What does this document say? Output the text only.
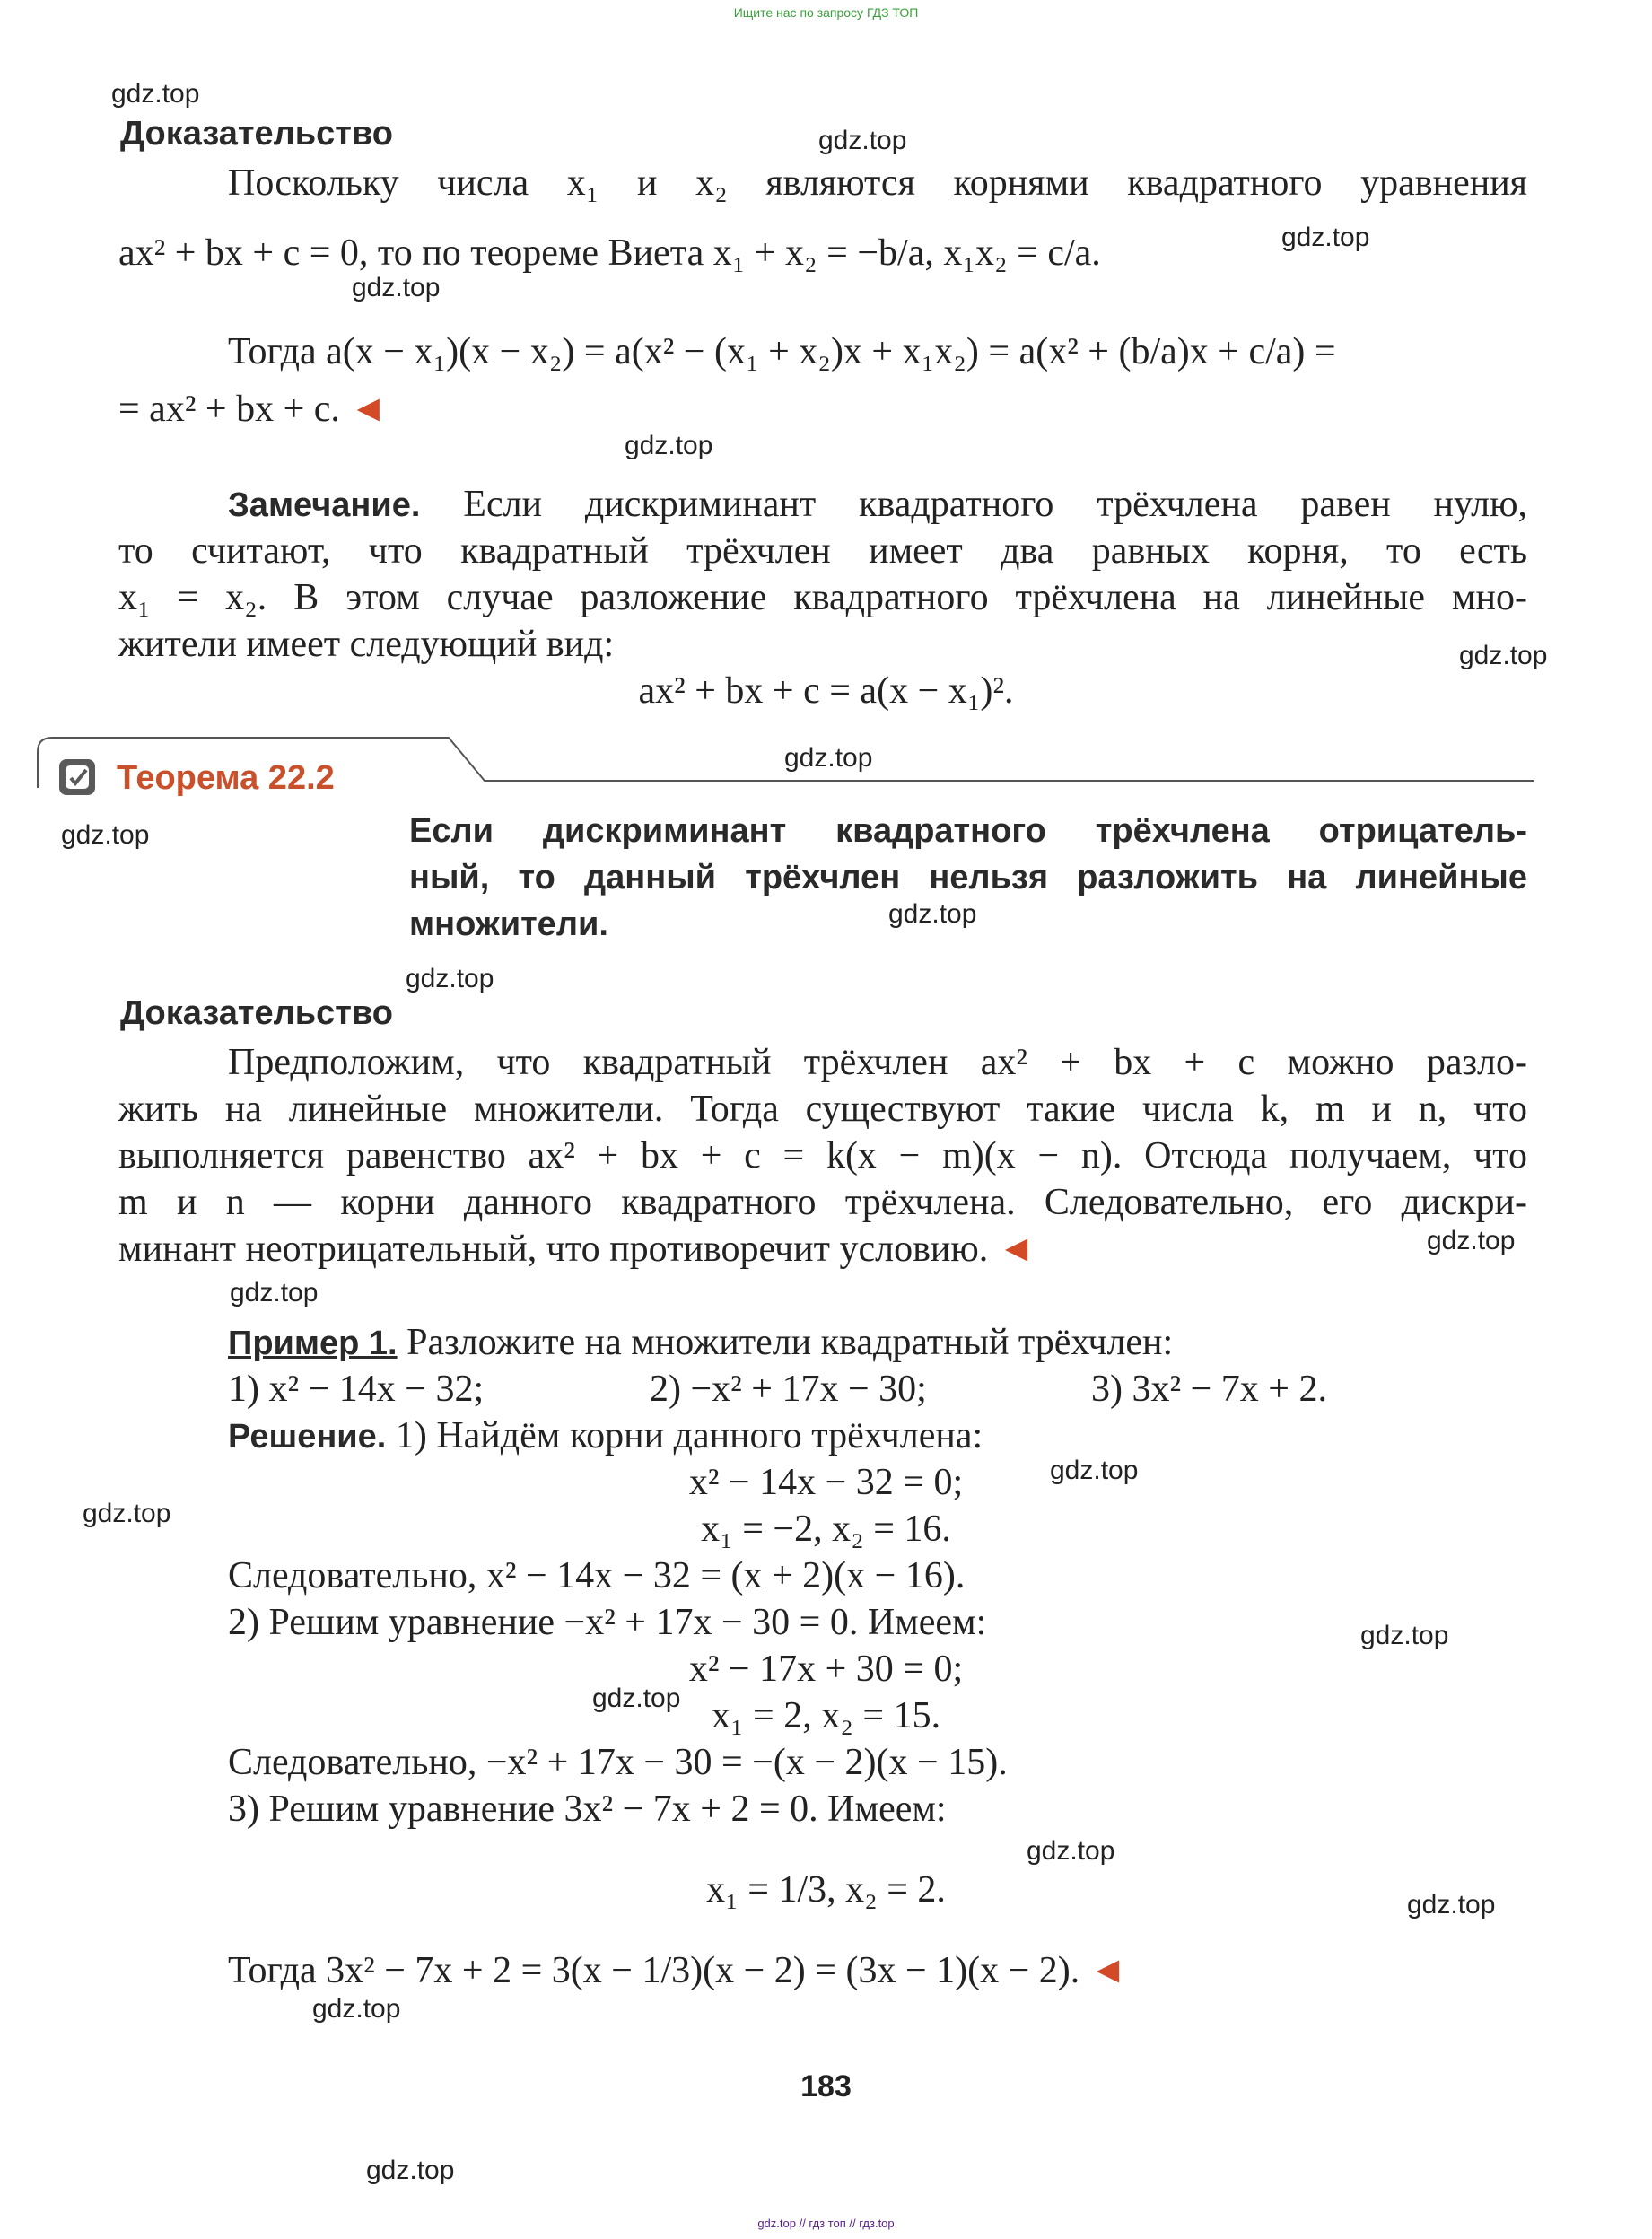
Ищите нас по запросу ГДЗ ТОП
gdz.top
gdz.top
gdz.top
gdz.top
gdz.top
gdz.top
gdz.top
gdz.top
gdz.top
gdz.top
gdz.top
gdz.top
gdz.top
gdz.top
gdz.top
gdz.top
gdz.top
gdz.top
gdz.top
gdz.top
Доказательство
Поскольку числа x₁ и x₂ являются корнями квадратного уравнения
ax² + bx + c = 0, то по теореме Виета x₁ + x₂ = −b/a, x₁x₂ = c/a.
Тогда a(x − x₁)(x − x₂) = a(x² − (x₁ + x₂)x + x₁x₂) = a(x² + (b/a)x + c/a) =
= ax² + bx + c. ◄
Замечание. Если дискриминант квадратного трёхчлена равен нулю,
то считают, что квадратный трёхчлен имеет два равных корня, то есть
x₁ = x₂. В этом случае разложение квадратного трёхчлена на линейные мно-
жители имеет следующий вид:
ax² + bx + c = a(x − x₁)².
Теорема 22.2
Если дискриминант квадратного трёхчлена отрицатель-
ный, то данный трёхчлен нельзя разложить на линейные
множители.
Доказательство
Предположим, что квадратный трёхчлен ax² + bx + c можно разло-
жить на линейные множители. Тогда существуют такие числа k, m и n, что
выполняется равенство ax² + bx + c = k(x − m)(x − n). Отсюда получаем, что
m и n — корни данного квадратного трёхчлена. Следовательно, его дискри-
минант неотрицательный, что противоречит условию. ◄
Пример 1. Разложите на множители квадратный трёхчлен:
1) x² − 14x − 32;	2) −x² + 17x − 30;	3) 3x² − 7x + 2.
Решение. 1) Найдём корни данного трёхчлена:
x² − 14x − 32 = 0;
x₁ = −2, x₂ = 16.
Следовательно, x² − 14x − 32 = (x + 2)(x − 16).
2) Решим уравнение −x² + 17x − 30 = 0. Имеем:
x² − 17x + 30 = 0;
x₁ = 2, x₂ = 15.
Следовательно, −x² + 17x − 30 = −(x − 2)(x − 15).
3) Решим уравнение 3x² − 7x + 2 = 0. Имеем:
x₁ = 1/3, x₂ = 2.
Тогда 3x² − 7x + 2 = 3(x − 1/3)(x − 2) = (3x − 1)(x − 2). ◄
183
gdz.top // гдз топ // гдз.top
